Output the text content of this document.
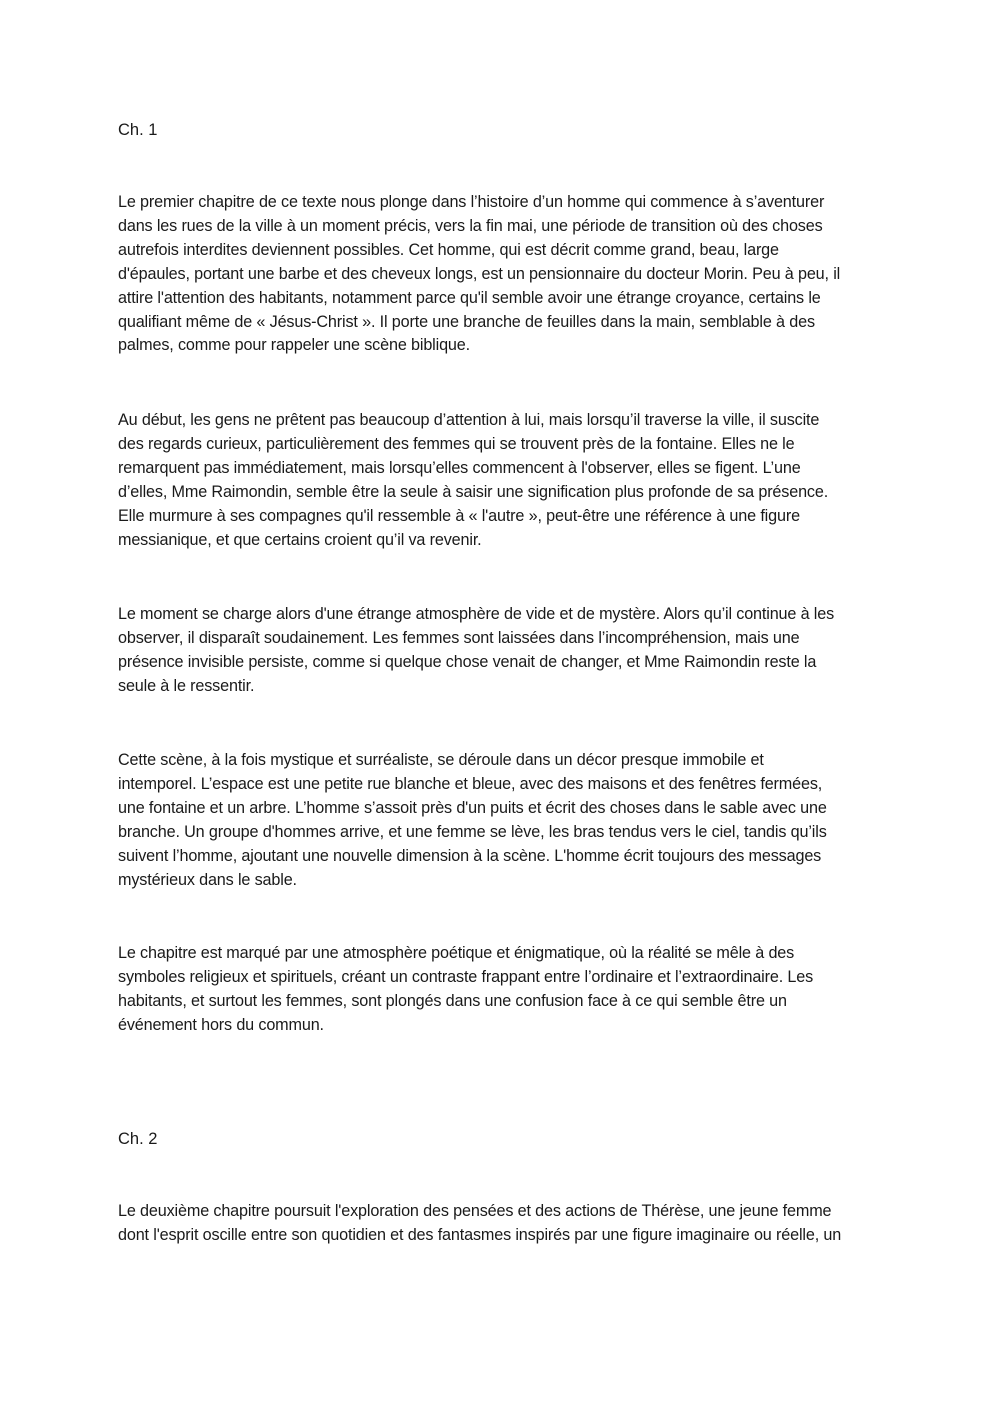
Ch. 1
Le premier chapitre de ce texte nous plonge dans l’histoire d’un homme qui commence à s’aventurer
dans les rues de la ville à un moment précis, vers la fin mai, une période de transition où des choses
autrefois interdites deviennent possibles. Cet homme, qui est décrit comme grand, beau, large
d'épaules, portant une barbe et des cheveux longs, est un pensionnaire du docteur Morin. Peu à peu, il
attire l'attention des habitants, notamment parce qu'il semble avoir une étrange croyance, certains le
qualifiant même de « Jésus-Christ ». Il porte une branche de feuilles dans la main, semblable à des
palmes, comme pour rappeler une scène biblique.
Au début, les gens ne prêtent pas beaucoup d’attention à lui, mais lorsqu’il traverse la ville, il suscite
des regards curieux, particulièrement des femmes qui se trouvent près de la fontaine. Elles ne le
remarquent pas immédiatement, mais lorsqu’elles commencent à l'observer, elles se figent. L’une
d’elles, Mme Raimondin, semble être la seule à saisir une signification plus profonde de sa présence.
Elle murmure à ses compagnes qu'il ressemble à « l'autre », peut-être une référence à une figure
messianique, et que certains croient qu’il va revenir.
Le moment se charge alors d'une étrange atmosphère de vide et de mystère. Alors qu’il continue à les
observer, il disparaît soudainement. Les femmes sont laissées dans l’incompréhension, mais une
présence invisible persiste, comme si quelque chose venait de changer, et Mme Raimondin reste la
seule à le ressentir.
Cette scène, à la fois mystique et surréaliste, se déroule dans un décor presque immobile et
intemporel. L’espace est une petite rue blanche et bleue, avec des maisons et des fenêtres fermées,
une fontaine et un arbre. L’homme s’assoit près d'un puits et écrit des choses dans le sable avec une
branche. Un groupe d'hommes arrive, et une femme se lève, les bras tendus vers le ciel, tandis qu’ils
suivent l’homme, ajoutant une nouvelle dimension à la scène. L'homme écrit toujours des messages
mystérieux dans le sable.
Le chapitre est marqué par une atmosphère poétique et énigmatique, où la réalité se mêle à des
symboles religieux et spirituels, créant un contraste frappant entre l’ordinaire et l’extraordinaire. Les
habitants, et surtout les femmes, sont plongés dans une confusion face à ce qui semble être un
événement hors du commun.
Ch. 2
Le deuxième chapitre poursuit l'exploration des pensées et des actions de Thérèse, une jeune femme
dont l'esprit oscille entre son quotidien et des fantasmes inspirés par une figure imaginaire ou réelle, un
